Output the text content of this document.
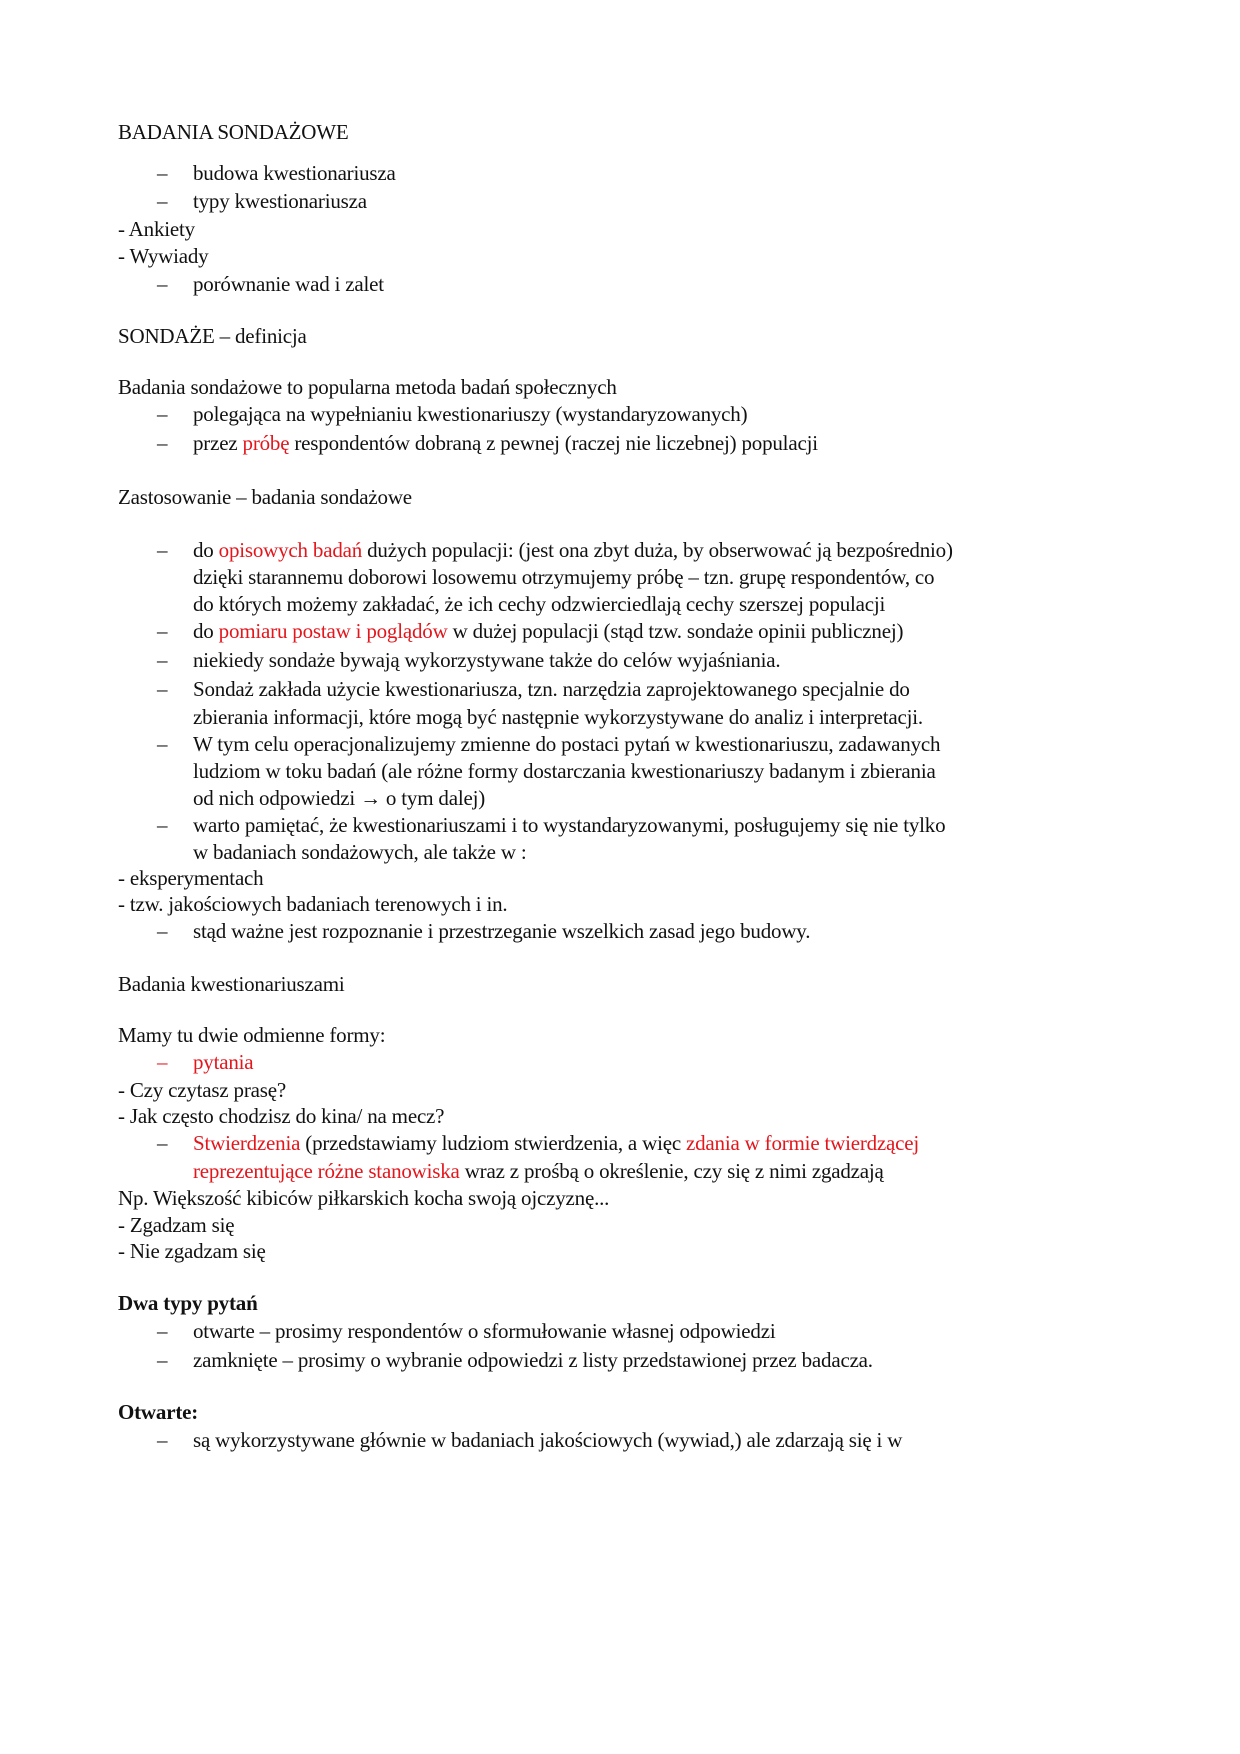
BADANIA SONDAŻOWE
– budowa kwestionariusza
– typy kwestionariusza
- Ankiety
- Wywiady
– porównanie wad i zalet
SONDAŻE – definicja
Badania sondażowe to popularna metoda badań społecznych
– polegająca na wypełnianiu kwestionariuszy (wystandaryzowanych)
– przez próbę respondentów dobraną z pewnej (raczej nie liczebnej) populacji
Zastosowanie – badania sondażowe
– do opisowych badań dużych populacji: (jest ona zbyt duża, by obserwować ją bezpośrednio)
dzięki starannemu doborowi losowemu otrzymujemy próbę – tzn. grupę respondentów, co
do których możemy zakładać, że ich cechy odzwierciedlają cechy szerszej populacji
– do pomiaru postaw i poglądów w dużej populacji (stąd tzw. sondaże opinii publicznej)
– niekiedy sondaże bywają wykorzystywane także do celów wyjaśniania.
– Sondaż zakłada użycie kwestionariusza, tzn. narzędzia zaprojektowanego specjalnie do
zbierania informacji, które mogą być następnie wykorzystywane do analiz i interpretacji.
– W tym celu operacjonalizujemy zmienne do postaci pytań w kwestionariuszu, zadawanych
ludziom w toku badań (ale różne formy dostarczania kwestionariuszy badanym i zbierania
od nich odpowiedzi → o tym dalej)
– warto pamiętać, że kwestionariuszami i to wystandaryzowanymi, posługujemy się nie tylko
w badaniach sondażowych, ale także w :
- eksperymentach
- tzw. jakościowych badaniach terenowych i in.
– stąd ważne jest rozpoznanie i przestrzeganie wszelkich zasad jego budowy.
Badania kwestionariuszami
Mamy tu dwie odmienne formy:
– pytania
- Czy czytasz prasę?
- Jak często chodzisz do kina/ na mecz?
– Stwierdzenia (przedstawiamy ludziom stwierdzenia, a więc zdania w formie twierdzącej
reprezentujące różne stanowiska wraz z prośbą o określenie, czy się z nimi zgadzają
Np. Większość kibiców piłkarskich kocha swoją ojczyznę...
- Zgadzam się
- Nie zgadzam się
Dwa typy pytań
– otwarte – prosimy respondentów o sformułowanie własnej odpowiedzi
– zamknięte – prosimy o wybranie odpowiedzi z listy przedstawionej przez badacza.
Otwarte:
– są wykorzystywane głównie w badaniach jakościowych (wywiad,) ale zdarzają się i w
